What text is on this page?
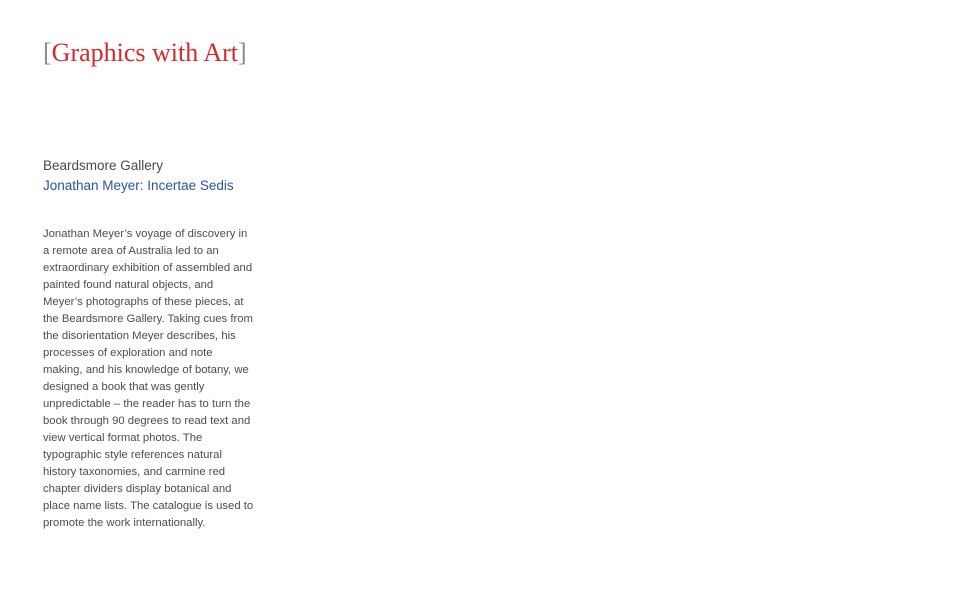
[Graphics with Art]

Beardsmore Gallery

Jonathan Meyer: Incertae Sedis

Jonathan Meyer’s voyage of discovery in a remote area of Australia led to an extraordinary exhibition of assembled and painted found natural objects, and Meyer’s photographs of these pieces, at the Beardsmore Gallery. Taking cues from the disorientation Meyer describes, his processes of exploration and note making, and his knowledge of botany, we designed a book that was gently unpredictable – the reader has to turn the book through 90 degrees to read text and view vertical format photos. The typographic style references natural history taxonomies, and carmine red chapter dividers display botanical and place name lists. The catalogue is used to promote the work internationally.
